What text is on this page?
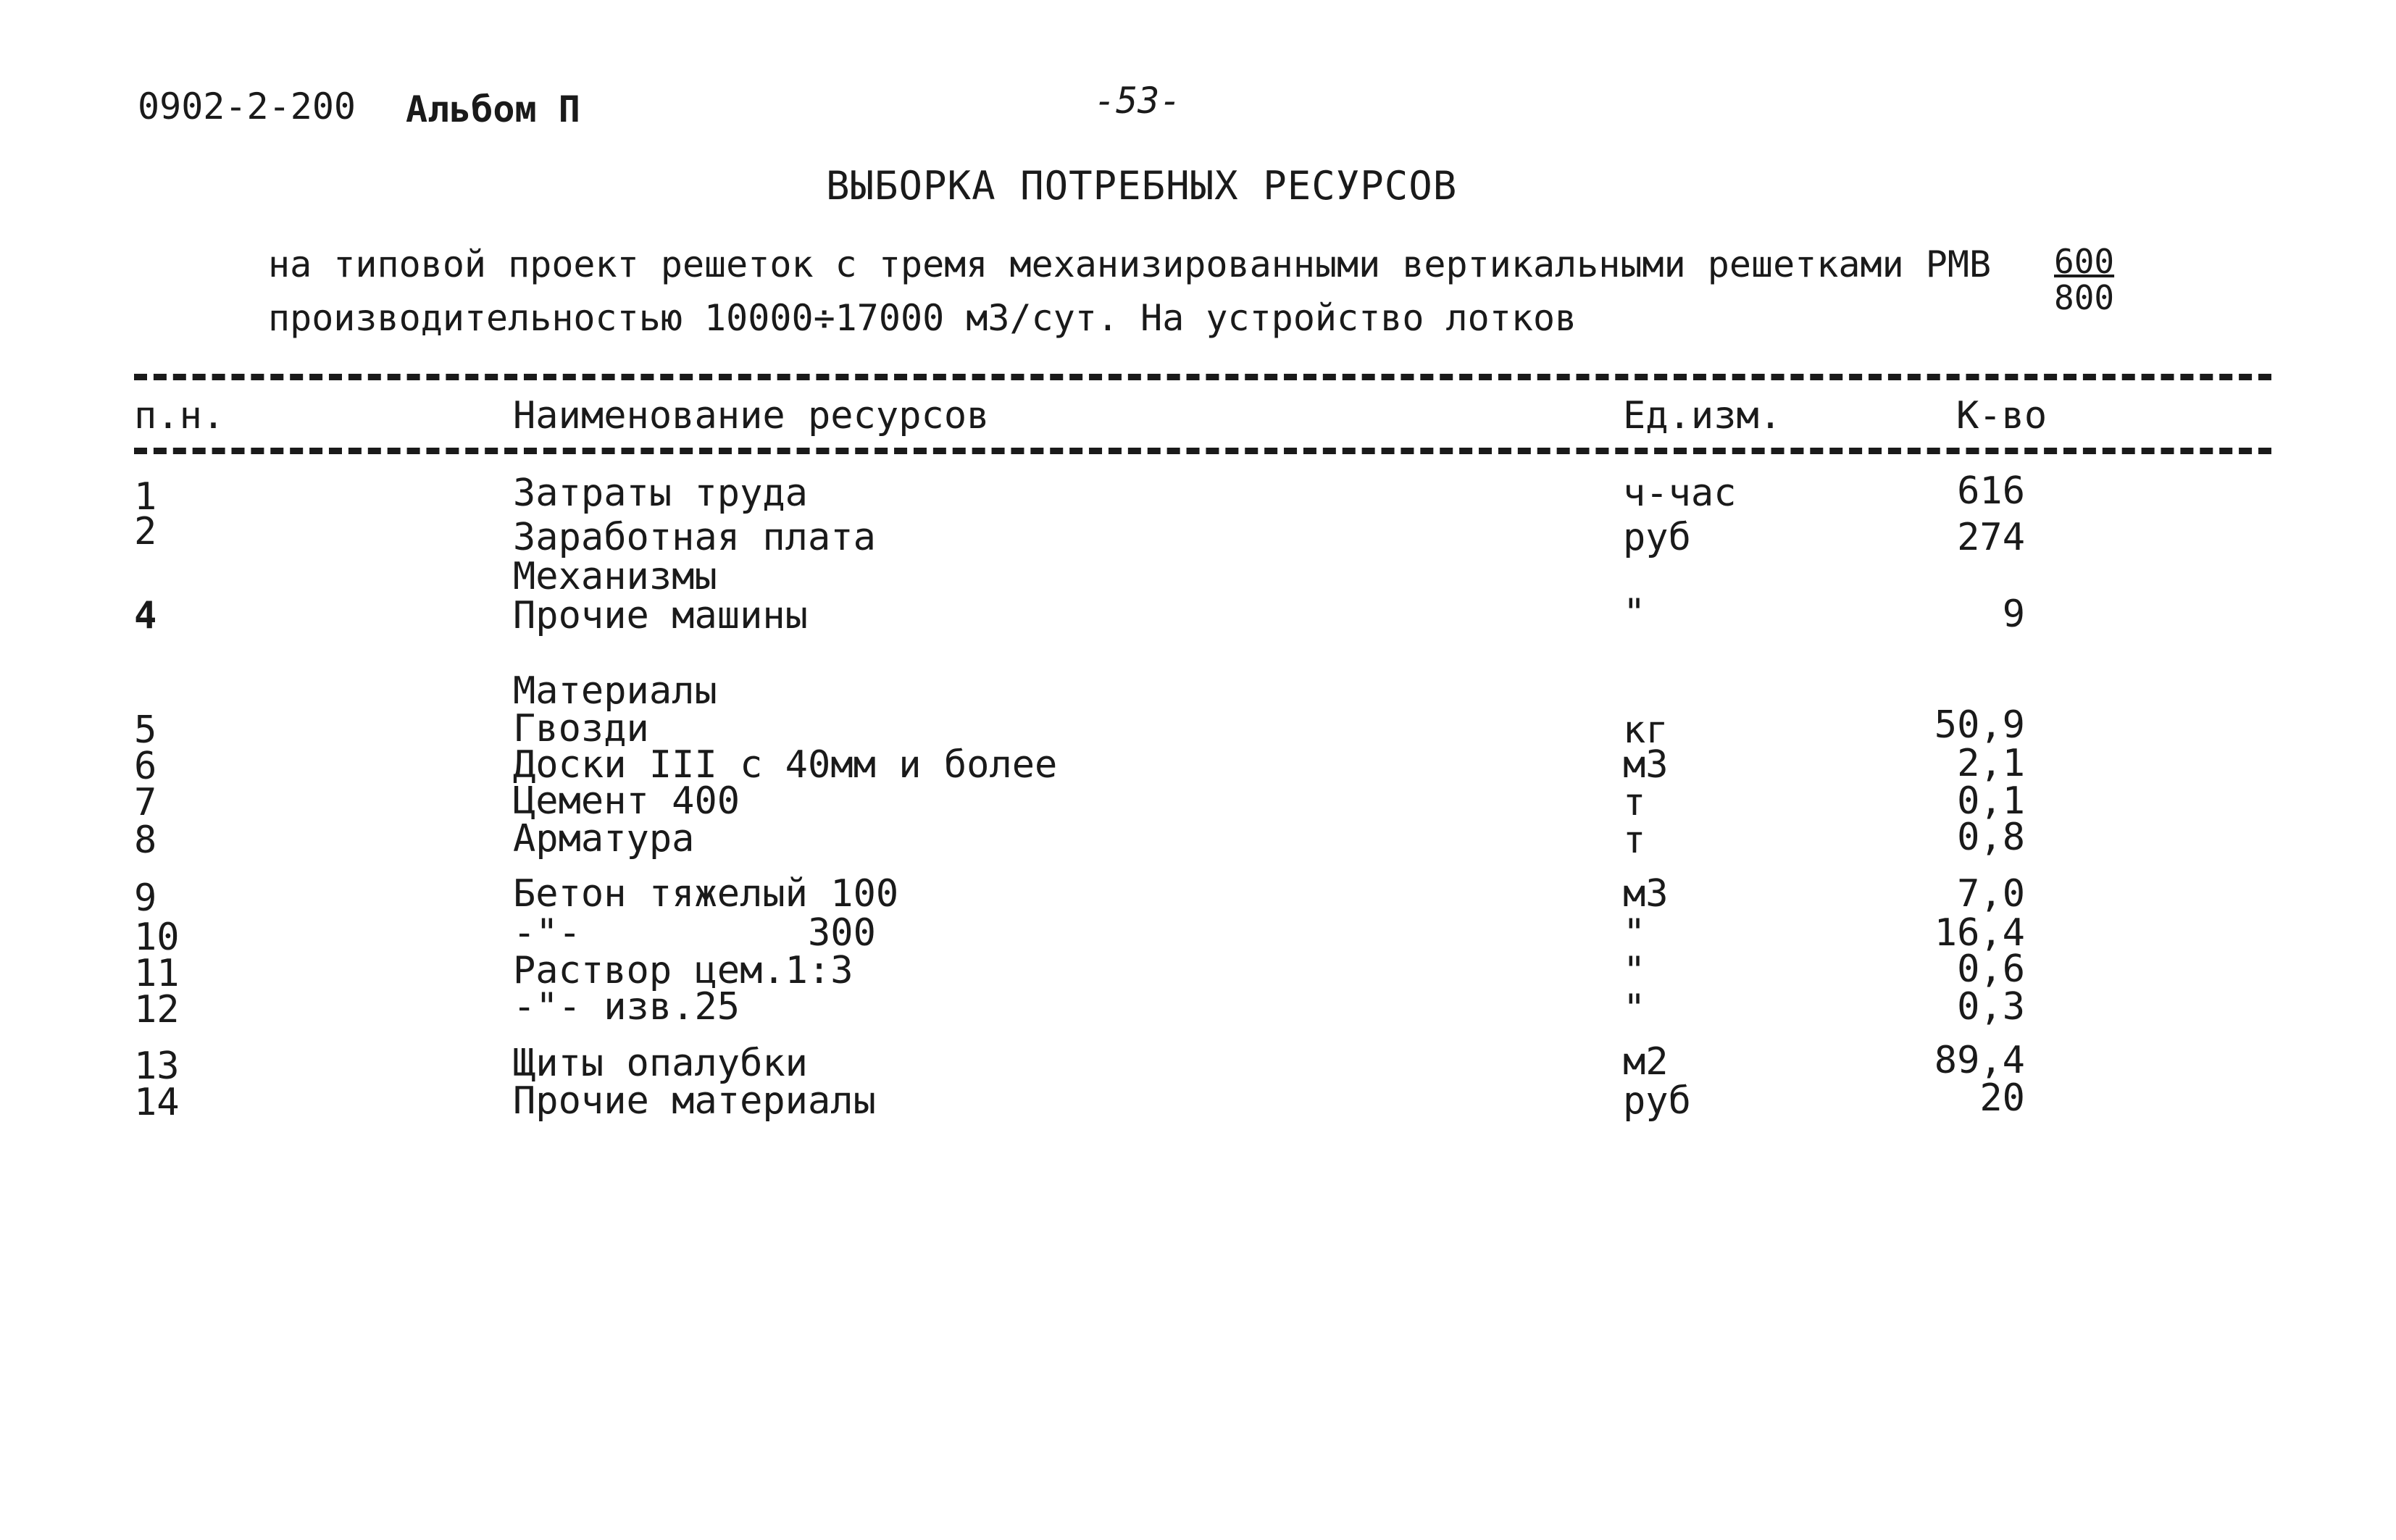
0902-2-200 Альбом П	-53-
ВЫБОРКА ПОТРЕБНЫХ РЕСУРСОВ
на типовой проект решеток с тремя механизированными вертикальными решетками РМВ 600
800
производительностью 10000÷17000 м3/сут. На устройство лотков
п.н.	Наименование ресурсов	Ед.изм.	К-во
1	Затраты труда	ч-час	616
2	Заработная плата	руб	274
Механизмы
4	Прочие машины	"	9
Материалы
5	Гвозди	кг	50,9
6	Доски III с 40мм и более	м3	2,1
7	Цемент 400	т	0,1
8	Арматура	т	0,8
9	Бетон тяжелый 100	м3	7,0
10	-"-          300	"	16,4
11	Раствор цем.1:3	"	0,6
12	-"- изв.25	"	0,3
13	Щиты опалубки	м2	89,4
14	Прочие материалы	руб	20
